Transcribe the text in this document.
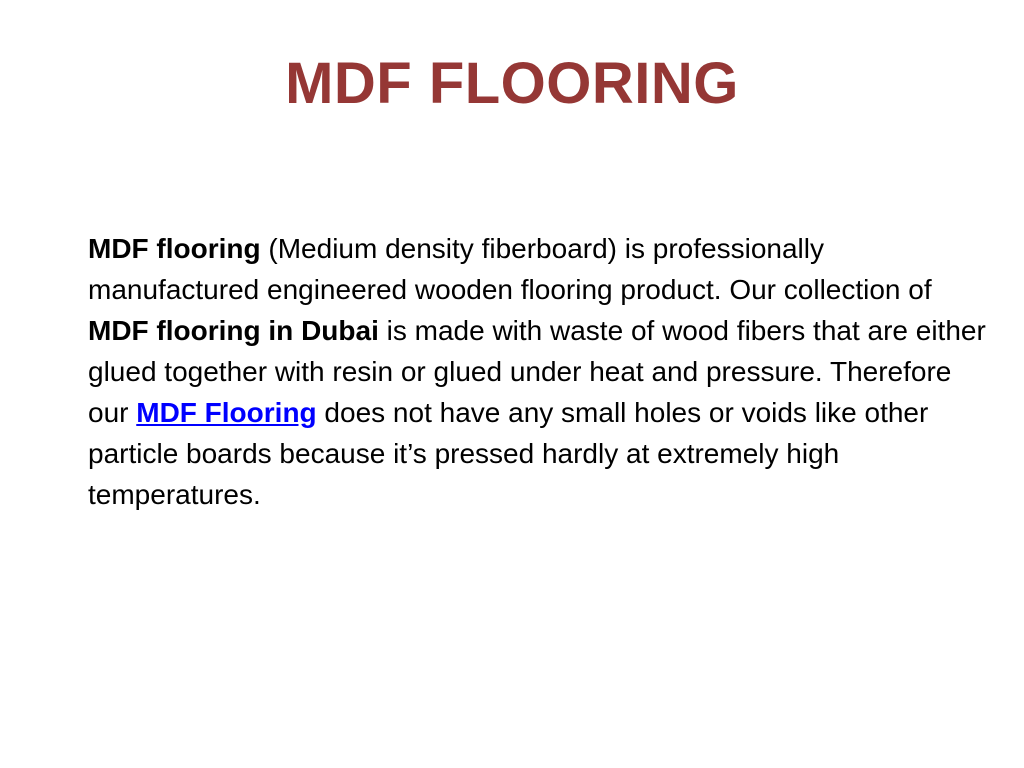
MDF FLOORING

MDF flooring (Medium density fiberboard) is professionally manufactured engineered wooden flooring product. Our collection of MDF flooring in Dubai is made with waste of wood fibers that are either glued together with resin or glued under heat and pressure. Therefore our MDF Flooring does not have any small holes or voids like other particle boards because it’s pressed hardly at extremely high temperatures.
